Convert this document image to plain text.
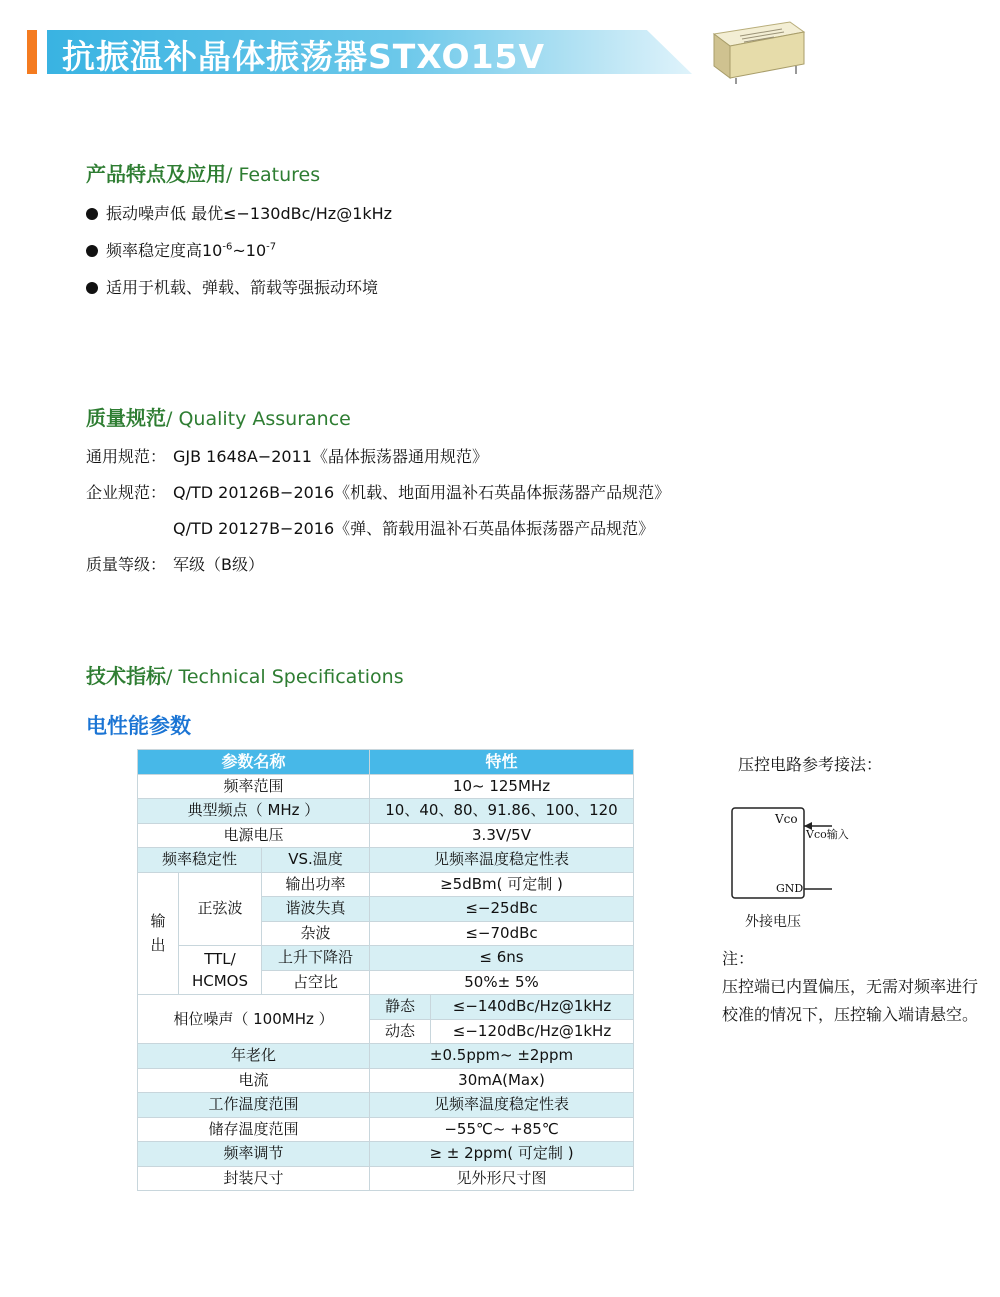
抗振温补晶体振荡器STXO15V
产品特点及应用/ Features
振动噪声低 最优≤−130dBc/Hz@1kHz
频率稳定度高$10^{-6}\sim 10^{-7}$
适用于机载、弹载、箭载等强振动环境
质量规范/ Quality Assurance
通用规范： GJB 1648A−2011《晶体振荡器通用规范》
企业规范： Q/TD 20126B−2016《机载、地面用温补石英晶体振荡器产品规范》
Q/TD 20127B−2016《弹、箭载用温补石英晶体振荡器产品规范》
质量等级： 军级（B级）
技术指标/ Technical Specifications
电性能参数
参数名称			特性	
频率范围			10~ 125MHz	
典型频点（ MHz ）			10、40、80、91.86、100、120	
电源电压			3.3V/5V	
频率稳定性		VS.温度	见频率温度稳定性表	
输出	正弦波	输出功率	≥5dBm( 可定制 )	
		谐波失真	≤−25dBc	
		杂波	≤−70dBc	
	TTL/ HCMOS	上升下降沿	≤ 6ns	
		占空比	50%± 5%	
相位噪声（ 100MHz ）			静态	≤−140dBc/Hz@1kHz
			动态	≤−120dBc/Hz@1kHz
年老化			±0.5ppm~ ±2ppm	
电流			30mA(Max)	
工作温度范围			见频率温度稳定性表	
储存温度范围			−55℃~ +85℃	
频率调节			≥ ± 2ppm( 可定制 )	
封装尺寸			见外形尺寸图	
压控电路参考接法：
Vco
Vco输入
GND
外接电压
注：
压控端已内置偏压，无需对频率进行校准的情况下，压控输入端请悬空。
